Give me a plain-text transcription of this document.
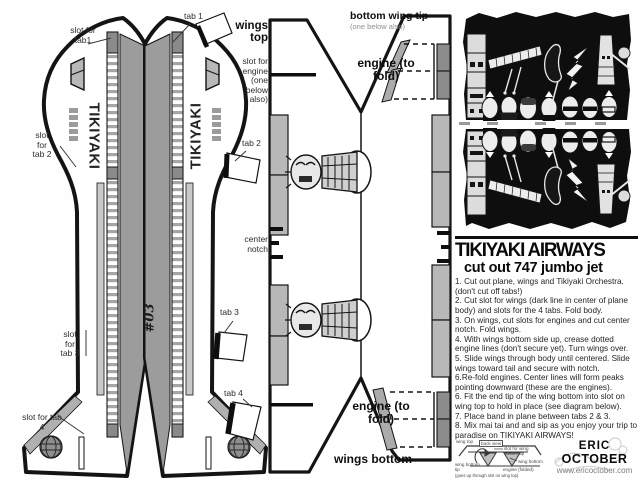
TIKIYAKI	TIKIYAKI
#03
slot for tab1
tab 1
slot for tab 2
tab 2
slot for tab 3
tab 3
slot for tab 4
tab 4
wings top
slot for engine (one below also)
center notch
bottom wing tip
(one below also)
engine (to fold)
engine (to fold)
wings bottom
TIKIYAKI AIRWAYS
cut out 747 jumbo jet

1. Cut out plane, wings and Tikiyaki Orchestra. (don't cut off tabs!)

2. Cut slot for wings (dark line in center of plane body) and slots for the 4 tabs. Fold body.

3. On wings, cut slots for engines and cut center notch. Fold wings.

4. With wings bottom side up, crease dotted engine lines (don't secure yet). Turn wings over.

5. Slide wings through body until centered. Slide wings toward tail and secure with notch.

6.Re-fold engines. Center lines will form peaks pointing downward (these are the engines).

6. Fit the end tip of the wing bottom into slot on wing top to hold in place (see diagram below).

7. Place band in plane between tabs 2 & 3.

8. Mix mai tai and and sip as you enjoy your trip to paradise on TIKIYAKI AIRWAYS!

wing top	back view
slot for wing bottom tip
wing bottom
wing bottom tip
(goes up through slot on wing top)
engine (folded)
ERIC
OCTOBER
www.ericoctober.com
